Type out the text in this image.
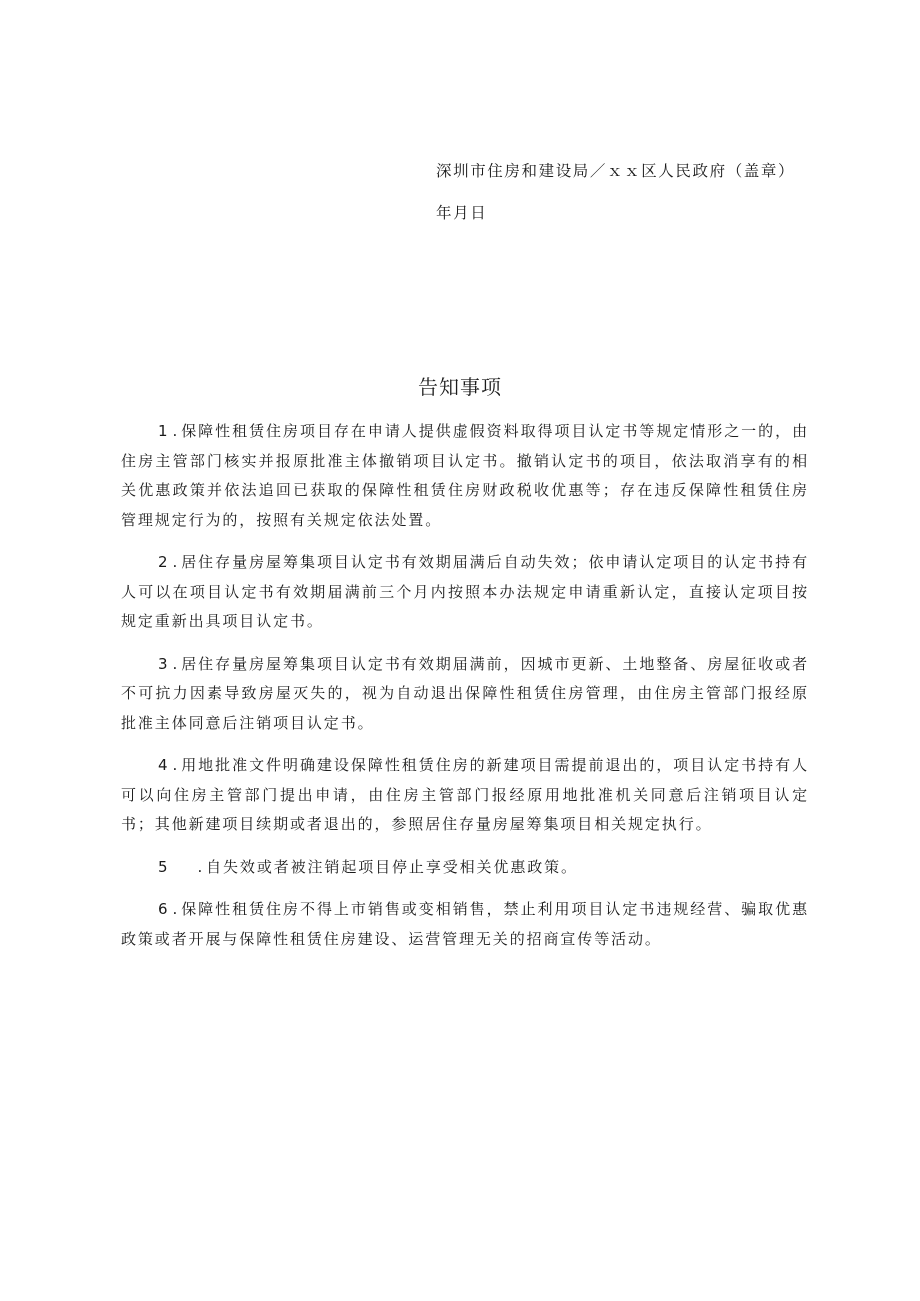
深圳市住房和建设局／ｘｘ区人民政府（盖章）
年月日
告知事项

1 . 保障性租赁住房项目存在申请人提供虚假资料取得项目认定书等规定情形之一的，由住房主管部门核实并报原批准主体撤销项目认定书。撤销认定书的项目，依法取消享有的相关优惠政策并依法追回已获取的保障性租赁住房财政税收优惠等；存在违反保障性租赁住房管理规定行为的，按照有关规定依法处置。

2 . 居住存量房屋筹集项目认定书有效期届满后自动失效；依申请认定项目的认定书持有人可以在项目认定书有效期届满前三个月内按照本办法规定申请重新认定，直接认定项目按规定重新出具项目认定书。

3 . 居住存量房屋筹集项目认定书有效期届满前，因城市更新、土地整备、房屋征收或者不可抗力因素导致房屋灭失的，视为自动退出保障性租赁住房管理，由住房主管部门报经原批准主体同意后注销项目认定书。

4 . 用地批准文件明确建设保障性租赁住房的新建项目需提前退出的，项目认定书持有人可以向住房主管部门提出申请，由住房主管部门报经原用地批准机关同意后注销项目认定书；其他新建项目续期或者退出的，参照居住存量房屋筹集项目相关规定执行。

5 . 自失效或者被注销起项目停止享受相关优惠政策。

6 . 保障性租赁住房不得上市销售或变相销售，禁止利用项目认定书违规经营、骗取优惠政策或者开展与保障性租赁住房建设、运营管理无关的招商宣传等活动。
